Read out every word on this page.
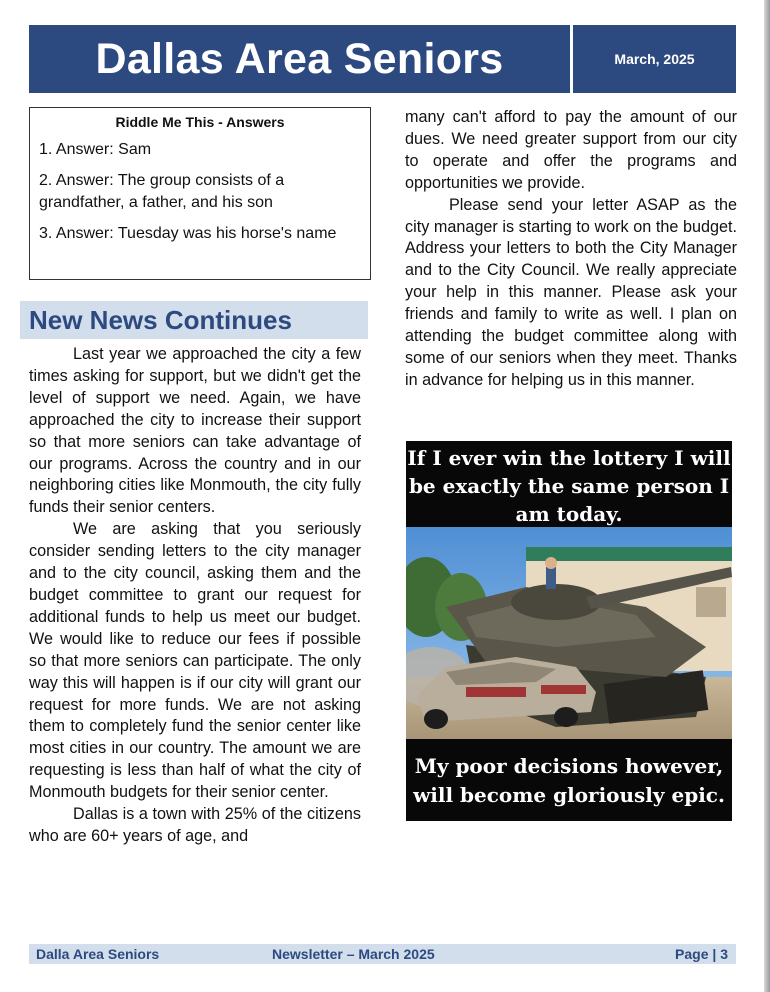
Dallas Area Seniors	March, 2025
Riddle Me This - Answers
1. Answer: Sam
2. Answer: The group consists of a grandfather, a father, and his son
3. Answer: Tuesday was his horse's name
New News Continues

Last year we approached the city a few times asking for support, but we didn't get the level of support we need. Again, we have approached the city to increase their support so that more seniors can take advantage of our programs. Across the country and in our neighboring cities like Monmouth, the city fully funds their senior centers.

We are asking that you seriously consider sending letters to the city manager and to the city council, asking them and the budget committee to grant our request for additional funds to help us meet our budget. We would like to reduce our fees if possible so that more seniors can participate. The only way this will happen is if our city will grant our request for more funds. We are not asking them to completely fund the senior center like most cities in our country. The amount we are requesting is less than half of what the city of Monmouth budgets for their senior center.

Dallas is a town with 25% of the citizens who are 60+ years of age, and

many can't afford to pay the amount of our dues. We need greater support from our city to operate and offer the programs and opportunities we provide.

Please send your letter ASAP as the city manager is starting to work on the budget. Address your letters to both the City Manager and to the City Council. We really appreciate your help in this manner. Please ask your friends and family to write as well. I plan on attending the budget committee along with some of our seniors when they meet. Thanks in advance for helping us in this manner.

If I ever win the lottery I will be exactly the same person I am today.
My poor decisions however, will become gloriously epic.
Dalla Area Seniors	Newsletter – March 2025	Page | 3
